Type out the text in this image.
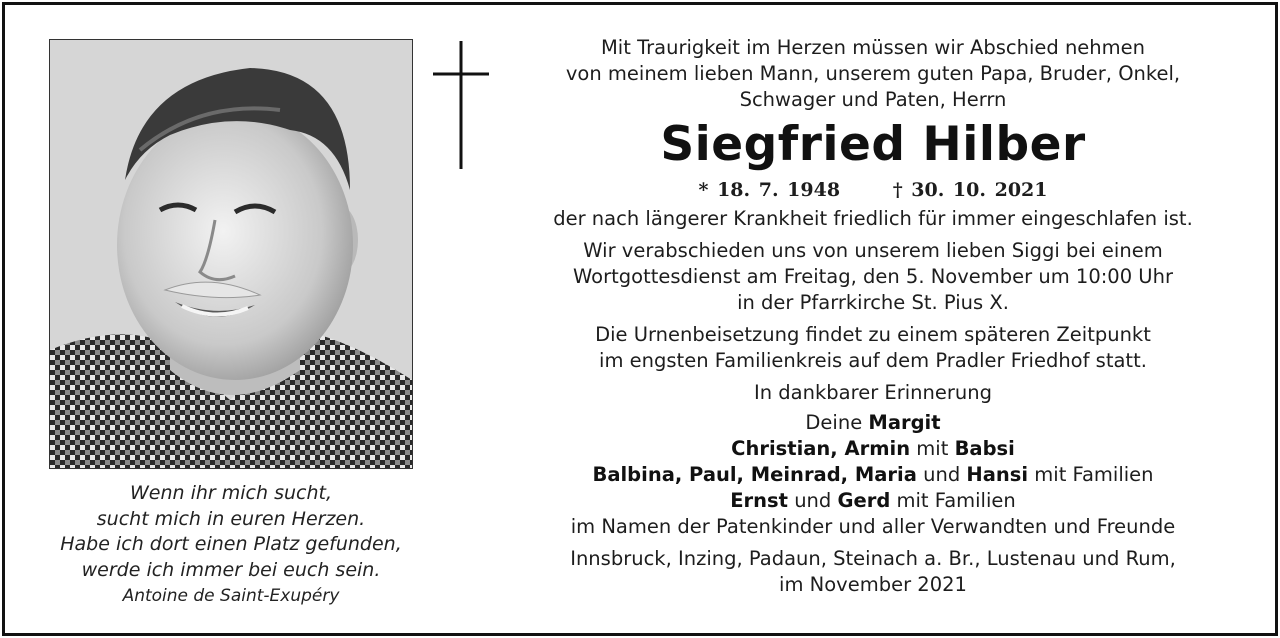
Wenn ihr mich sucht,
sucht mich in euren Herzen.
Habe ich dort einen Platz gefunden,
werde ich immer bei euch sein.
Antoine de Saint-Exupéry
Mit Traurigkeit im Herzen müssen wir Abschied nehmen
von meinem lieben Mann, unserem guten Papa, Bruder, Onkel,
Schwager und Paten, Herrn
Siegfried Hilber
* 18. 7. 1948	† 30. 10. 2021
der nach längerer Krankheit friedlich für immer eingeschlafen ist.
Wir verabschieden uns von unserem lieben Siggi bei einem
Wortgottesdienst am Freitag, den 5. November um 10:00 Uhr
in der Pfarrkirche St. Pius X.
Die Urnenbeisetzung findet zu einem späteren Zeitpunkt
im engsten Familienkreis auf dem Pradler Friedhof statt.
In dankbarer Erinnerung
Deine Margit
Christian, Armin mit Babsi
Balbina, Paul, Meinrad, Maria und Hansi mit Familien
Ernst und Gerd mit Familien
im Namen der Patenkinder und aller Verwandten und Freunde
Innsbruck, Inzing, Padaun, Steinach a. Br., Lustenau und Rum,
im November 2021
